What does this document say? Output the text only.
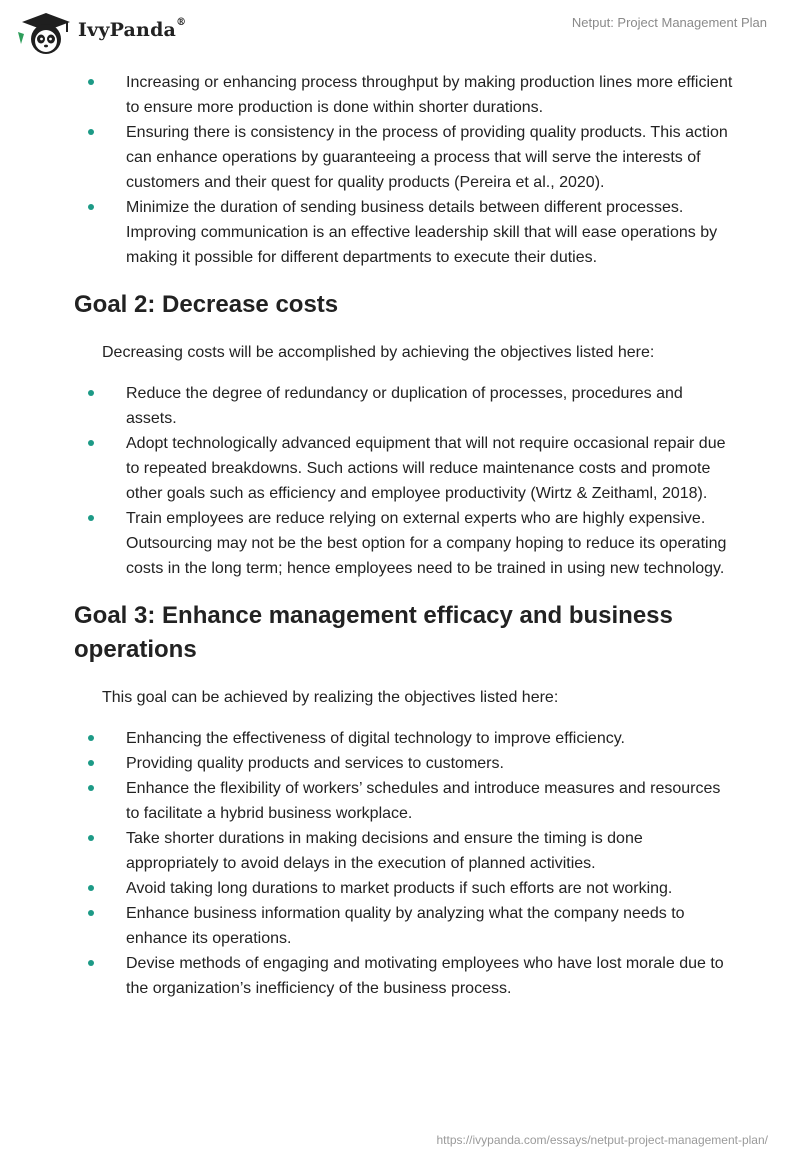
IvyPanda®	Netput: Project Management Plan
Increasing or enhancing process throughput by making production lines more efficient to ensure more production is done within shorter durations.
Ensuring there is consistency in the process of providing quality products. This action can enhance operations by guaranteeing a process that will serve the interests of customers and their quest for quality products (Pereira et al., 2020).
Minimize the duration of sending business details between different processes. Improving communication is an effective leadership skill that will ease operations by making it possible for different departments to execute their duties.
Goal 2: Decrease costs

Decreasing costs will be accomplished by achieving the objectives listed here:

Reduce the degree of redundancy or duplication of processes, procedures and assets.
Adopt technologically advanced equipment that will not require occasional repair due to repeated breakdowns. Such actions will reduce maintenance costs and promote other goals such as efficiency and employee productivity (Wirtz & Zeithaml, 2018).
Train employees are reduce relying on external experts who are highly expensive. Outsourcing may not be the best option for a company hoping to reduce its operating costs in the long term; hence employees need to be trained in using new technology.
Goal 3: Enhance management efficacy and business operations

This goal can be achieved by realizing the objectives listed here:

Enhancing the effectiveness of digital technology to improve efficiency.
Providing quality products and services to customers.
Enhance the flexibility of workers’ schedules and introduce measures and resources to facilitate a hybrid business workplace.
Take shorter durations in making decisions and ensure the timing is done appropriately to avoid delays in the execution of planned activities.
Avoid taking long durations to market products if such efforts are not working.
Enhance business information quality by analyzing what the company needs to enhance its operations.
Devise methods of engaging and motivating employees who have lost morale due to the organization’s inefficiency of the business process.
https://ivypanda.com/essays/netput-project-management-plan/
